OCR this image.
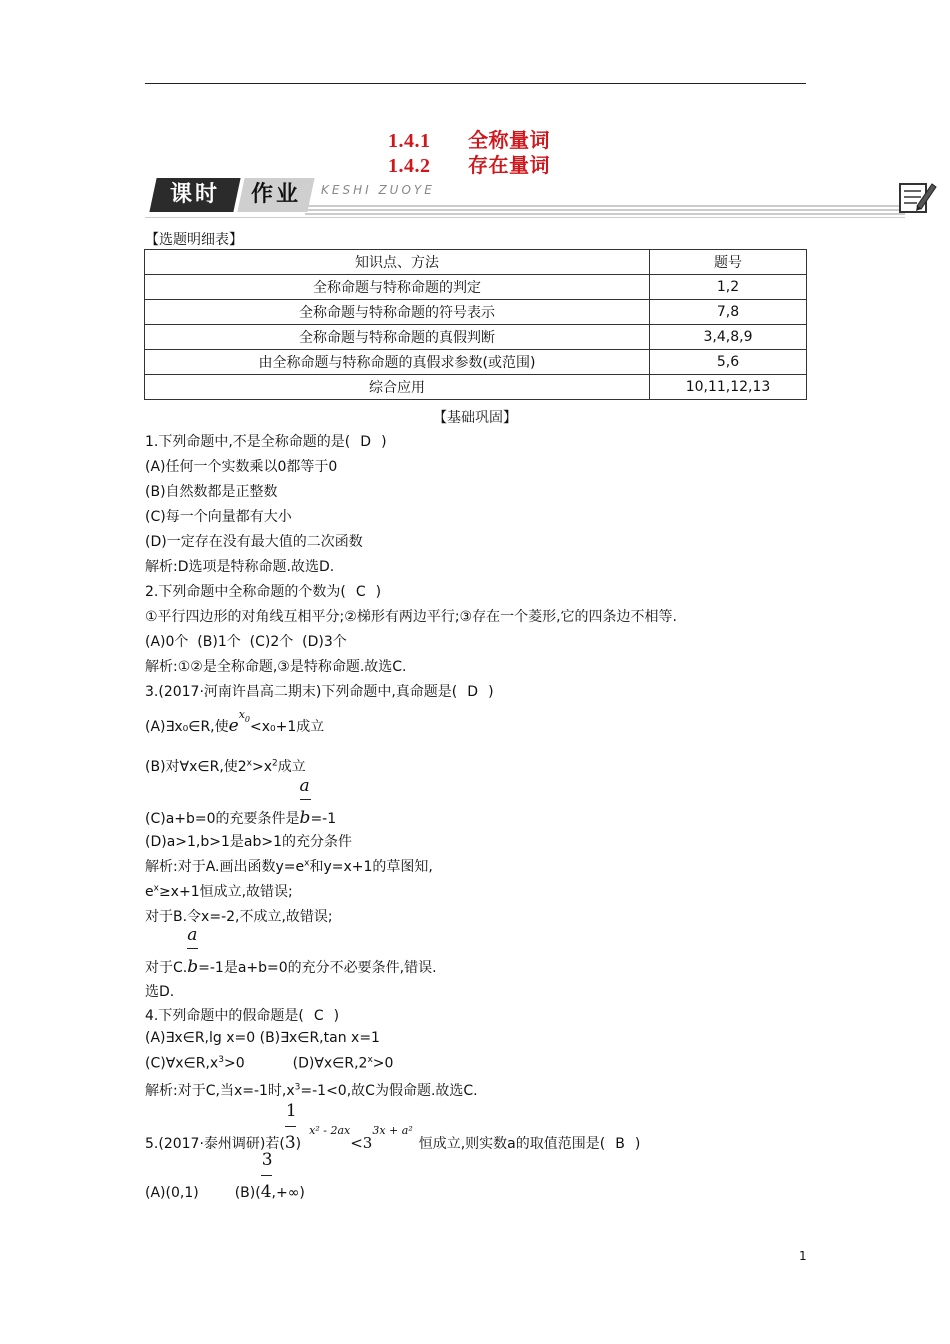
1.4.1 全称量词
1.4.2 存在量词
课时	作业	KESHI ZUOYE
【选题明细表】
知识点、方法	题号
全称命题与特称命题的判定	1,2
全称命题与特称命题的符号表示	7,8
全称命题与特称命题的真假判断	3,4,8,9
由全称命题与特称命题的真假求参数(或范围)	5,6
综合应用	10,11,12,13
【基础巩固】
1.下列命题中,不是全称命题的是( D )
(A)任何一个实数乘以0都等于0
(B)自然数都是正整数
(C)每一个向量都有大小
(D)一定存在没有最大值的二次函数
解析:D选项是特称命题.故选D.
2.下列命题中全称命题的个数为( C )
①平行四边形的对角线互相平分;②梯形有两边平行;③存在一个菱形,它的四条边不相等.
(A)0个  (B)1个  (C)2个  (D)3个
解析:①②是全称命题,③是特称命题.故选C.
3.(2017·河南许昌高二期末)下列命题中,真命题是( D )
(A)∃x₀∈R,使$e^{x_0}<x_0+1$成立
(B)对∀x∈R,使$2^x>x^2$成立
(C)a+b=0的充要条件是 $\frac{a}{b}=-1$
(D)a>1,b>1是ab>1的充分条件
解析:对于A.画出函数$y=e^x$和y=x+1的草图知,
$e^x\ge x+1$恒成立,故错误;
对于B.令x=-2,不成立,故错误;
对于C. $\frac{a}{b}=-1$是a+b=0的充分不必要条件,错误.
选D.
4.下列命题中的假命题是( C )
(A)∃x∈R,lg x=0 (B)∃x∈R,tan x=1
$(C)\forall x\in R,x^3>0$	$(D)\forall x\in R,2^x>0$
解析:对于C,当x=-1时$,x^3=-1<0$,故C为假命题.故选C.
5.(2017·泰州调研)若( $\frac{1}{3})^{x^2 - 2ax}<3^{3x + a^2}$恒成立,则实数a的取值范围是( B )
(A)(0,1)	$(B)( \frac{3}{4},+\infty)$
1
